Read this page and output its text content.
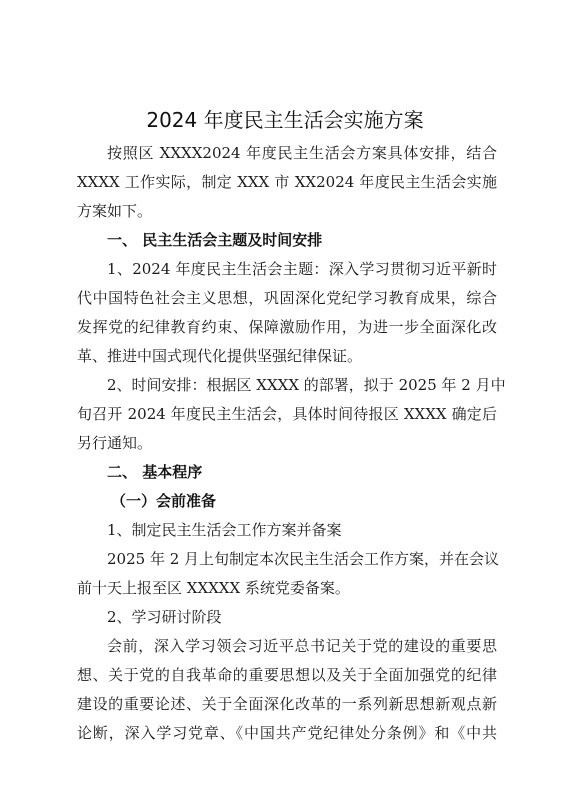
2024 年度民主生活会实施方案
按照区 XXXX2024 年度民主生活会方案具体安排，结合
XXXX 工作实际，制定 XXX 市 XX2024 年度民主生活会实施
方案如下。
一、 民主生活会主题及时间安排
1、2024 年度民主生活会主题：深入学习贯彻习近平新时
代中国特色社会主义思想，巩固深化党纪学习教育成果，综合
发挥党的纪律教育约束、保障激励作用，为进一步全面深化改
革、推进中国式现代化提供坚强纪律保证。
2、时间安排：根据区 XXXX 的部署，拟于 2025 年 2 月中
旬召开 2024 年度民主生活会，具体时间待报区 XXXX 确定后
另行通知。
二、 基本程序
（一）会前准备
1、制定民主生活会工作方案并备案
2025 年 2 月上旬制定本次民主生活会工作方案，并在会议
前十天上报至区 XXXXX 系统党委备案。
2、学习研讨阶段
会前，深入学习领会习近平总书记关于党的建设的重要思
想、关于党的自我革命的重要思想以及关于全面加强党的纪律
建设的重要论述、关于全面深化改革的一系列新思想新观点新
论断，深入学习党章、《中国共产党纪律处分条例》和《中共
